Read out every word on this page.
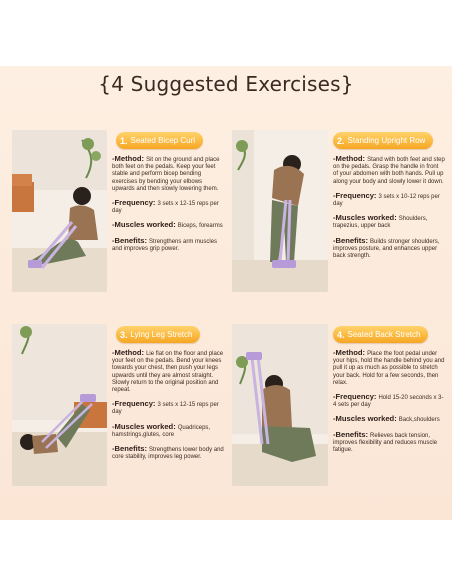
{4 Suggested Exercises}
1. Seated Bicep Curl
-Method: Sit on the ground and place both feet on the pedals. Keep your feet stable and perform bicep bending exercises by bending your elbows upwards and then slowly lowering them.
-Frequency: 3 sets x 12-15 reps per day
-Muscles worked: Biceps, forearms
-Benefits: Strengthens arm muscles and improves grip power.
2. Standing Upright Row
-Method: Stand with both feet and step on the pedals. Grasp the handle in front of your abdomen with both hands. Pull up along your body and slowly lower it down.
-Frequency: 3 sets x 10-12 reps per day
-Muscles worked: Shoulders, trapezius, upper back
-Benefits: Builds stronger shoulders, improves posture, and enhances upper back strength.
3. Lying Leg Stretch
-Method: Lie flat on the floor and place your feet on the pedals. Bend your knees towards your chest, then push your legs upwards until they are almost straight. Slowly return to the original position and repeat.
-Frequency: 3 sets x 12-15 reps per day
-Muscles worked: Quadriceps, hamstrings,glutes, core
-Benefits: Strengthens lower body and core stability, improves leg power.
4. Seated Back Stretch
-Method: Place the foot pedal under your hips, hold the handle behind you and pull it up as much as possible to stretch your back. Hold for a few seconds, then relax.
-Frequency: Hold 15-20 seconds x 3-4 sets per day
-Muscles worked: Back,shoulders
-Benefits: Relieves back tension, improves flexibility and reduces muscle fatigue.
